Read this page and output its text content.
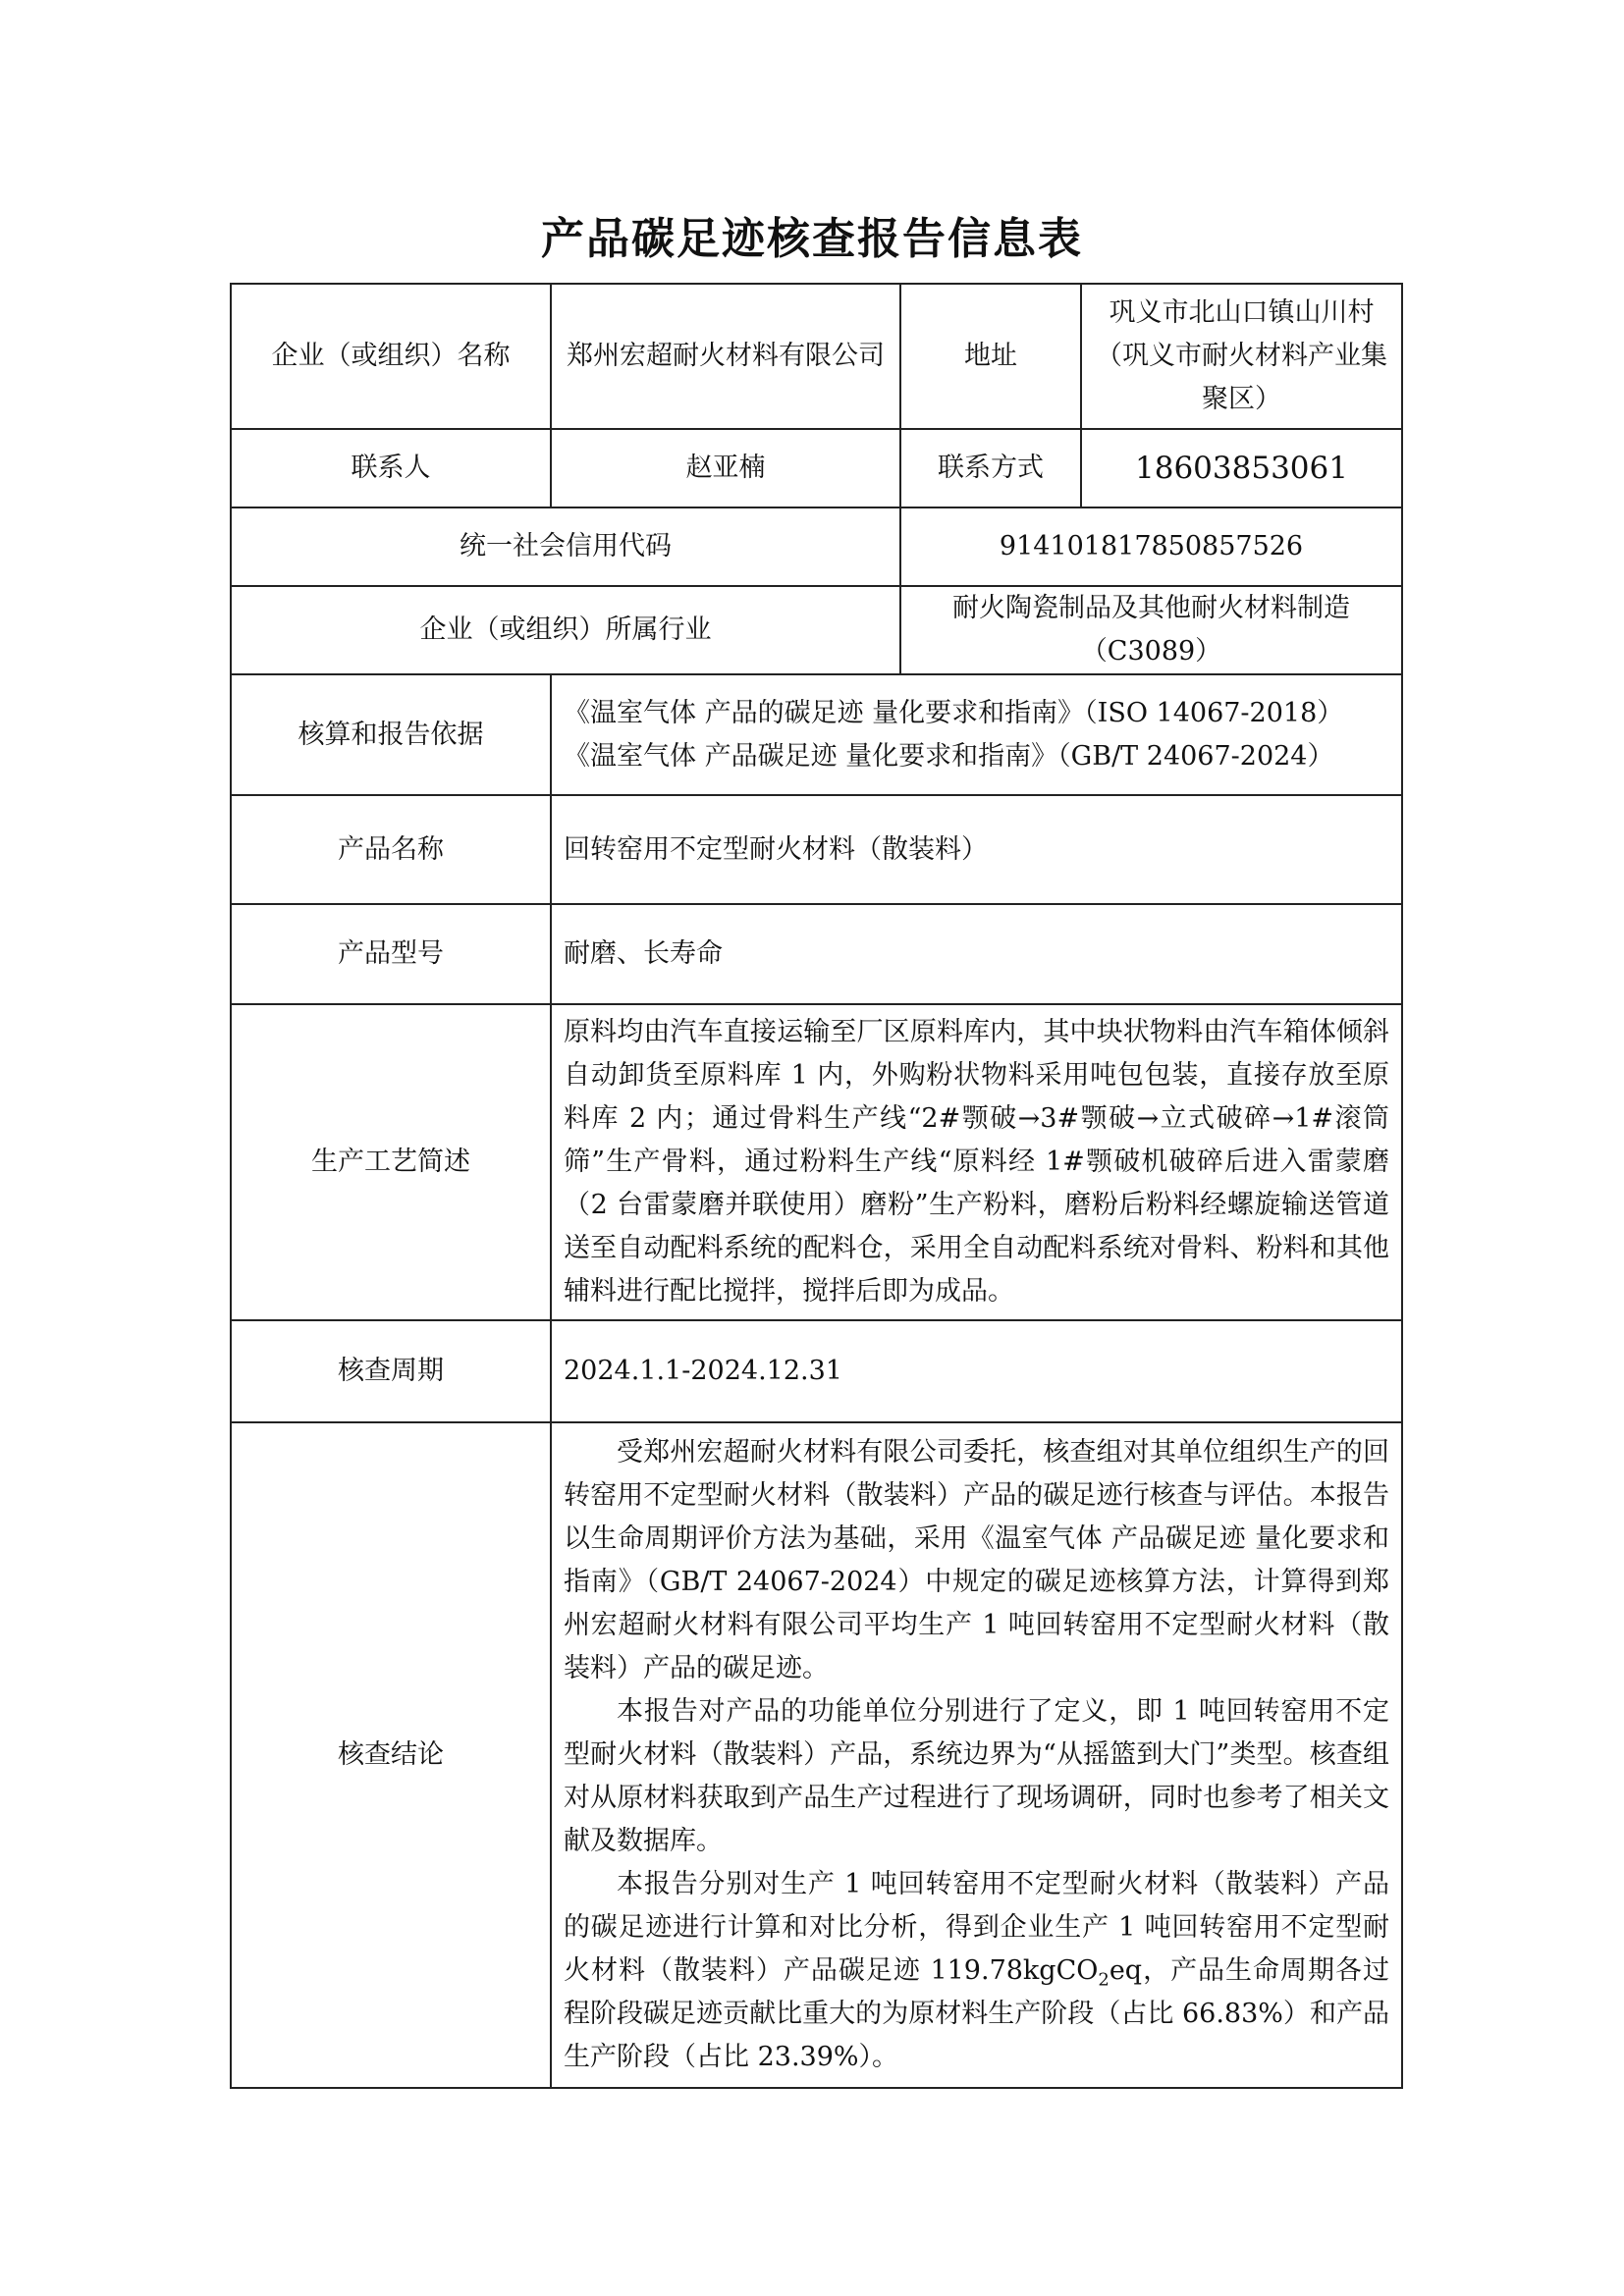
产品碳足迹核查报告信息表
企业（或组织）名称	郑州宏超耐火材料有限公司	地址	巩义市北山口镇山川村（巩义市耐火材料产业集聚区）
联系人	赵亚楠	联系方式	18603853061
统一社会信用代码		914101817850857526	
企业（或组织）所属行业		耐火陶瓷制品及其他耐火材料制造（C3089）	
核算和报告依据	《温室气体 产品的碳足迹 量化要求和指南》（ISO 14067-2018）
《温室气体 产品碳足迹 量化要求和指南》（GB/T 24067-2024）		

产品名称	回转窑用不定型耐火材料（散装料）		
产品型号	耐磨、长寿命		
生产工艺简述	原料均由汽车直接运输至厂区原料库内，其中块状物料由汽车箱体倾斜自动卸货至原料库 1 内，外购粉状物料采用吨包包装，直接存放至原料库 2 内；通过骨料生产线“2#颚破→3#颚破→立式破碎→1#滚筒筛”生产骨料，通过粉料生产线“原料经 1#颚破机破碎后进入雷蒙磨（2 台雷蒙磨并联使用）磨粉”生产粉料，磨粉后粉料经螺旋输送管道送至自动配料系统的配料仓，采用全自动配料系统对骨料、粉料和其他辅料进行配比搅拌，搅拌后即为成品。		
核查周期	2024.1.1-2024.12.31		
核查结论	受郑州宏超耐火材料有限公司委托，核查组对其单位组织生产的回转窑用不定型耐火材料（散装料）产品的碳足迹行核查与评估。本报告以生命周期评价方法为基础，采用《温室气体 产品碳足迹 量化要求和指南》（GB/T 24067-2024）中规定的碳足迹核算方法，计算得到郑州宏超耐火材料有限公司平均生产 1 吨回转窑用不定型耐火材料（散装料）产品的碳足迹。
本报告对产品的功能单位分别进行了定义，即 1 吨回转窑用不定型耐火材料（散装料）产品，系统边界为“从摇篮到大门”类型。核查组对从原材料获取到产品生产过程进行了现场调研，同时也参考了相关文献及数据库。
本报告分别对生产 1 吨回转窑用不定型耐火材料（散装料）产品的碳足迹进行计算和对比分析，得到企业生产 1 吨回转窑用不定型耐火材料（散装料）产品碳足迹 119.78kgCO$_2$eq，产品生命周期各过程阶段碳足迹贡献比重大的为原材料生产阶段（占比 66.83%）和产品生产阶段（占比 23.39%）。		
